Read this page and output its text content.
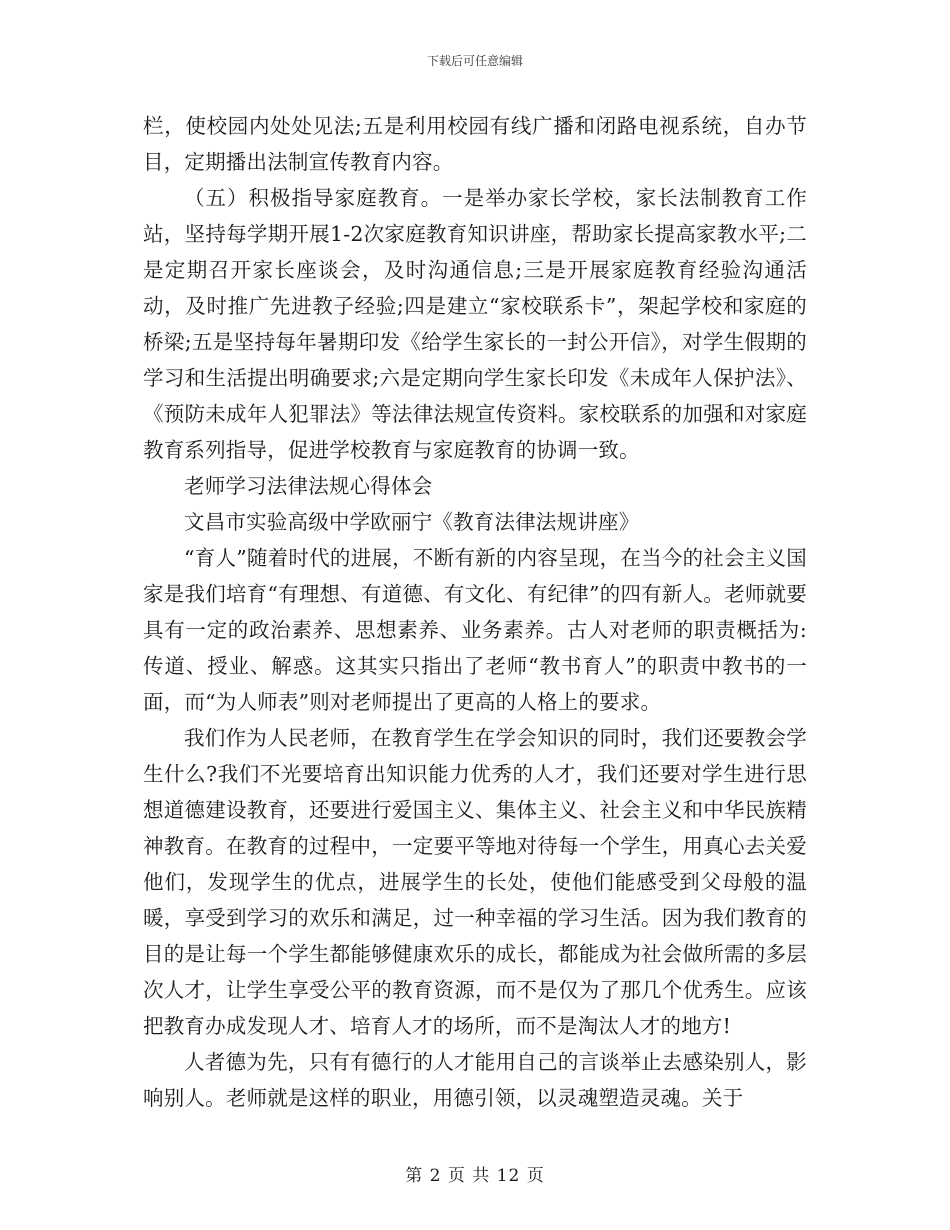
下载后可任意编辑

栏，使校园内处处见法;五是利用校园有线广播和闭路电视系统，自办节目，定期播出法制宣传教育内容。

（五）积极指导家庭教育。一是举办家长学校，家长法制教育工作站，坚持每学期开展1-2次家庭教育知识讲座，帮助家长提高家教水平;二是定期召开家长座谈会，及时沟通信息;三是开展家庭教育经验沟通活动，及时推广先进教子经验;四是建立“家校联系卡”，架起学校和家庭的桥梁;五是坚持每年暑期印发《给学生家长的一封公开信》，对学生假期的学习和生活提出明确要求;六是定期向学生家长印发《未成年人保护法》、《预防未成年人犯罪法》等法律法规宣传资料。家校联系的加强和对家庭教育系列指导，促进学校教育与家庭教育的协调一致。

老师学习法律法规心得体会

文昌市实验高级中学欧丽宁《教育法律法规讲座》

“育人”随着时代的进展，不断有新的内容呈现，在当今的社会主义国家是我们培育“有理想、有道德、有文化、有纪律”的四有新人。老师就要具有一定的政治素养、思想素养、业务素养。古人对老师的职责概括为:传道、授业、解惑。这其实只指出了老师“教书育人”的职责中教书的一面，而“为人师表”则对老师提出了更高的人格上的要求。

我们作为人民老师，在教育学生在学会知识的同时，我们还要教会学生什么?我们不光要培育出知识能力优秀的人才，我们还要对学生进行思想道德建设教育，还要进行爱国主义、集体主义、社会主义和中华民族精神教育。在教育的过程中，一定要平等地对待每一个学生，用真心去关爱他们，发现学生的优点，进展学生的长处，使他们能感受到父母般的温暖，享受到学习的欢乐和满足，过一种幸福的学习生活。因为我们教育的目的是让每一个学生都能够健康欢乐的成长，都能成为社会做所需的多层次人才，让学生享受公平的教育资源，而不是仅为了那几个优秀生。应该把教育办成发现人才、培育人才的场所，而不是淘汰人才的地方!

人者德为先，只有有德行的人才能用自己的言谈举止去感染别人，影响别人。老师就是这样的职业，用德引领，以灵魂塑造灵魂。关于

第 2 页 共 12 页
